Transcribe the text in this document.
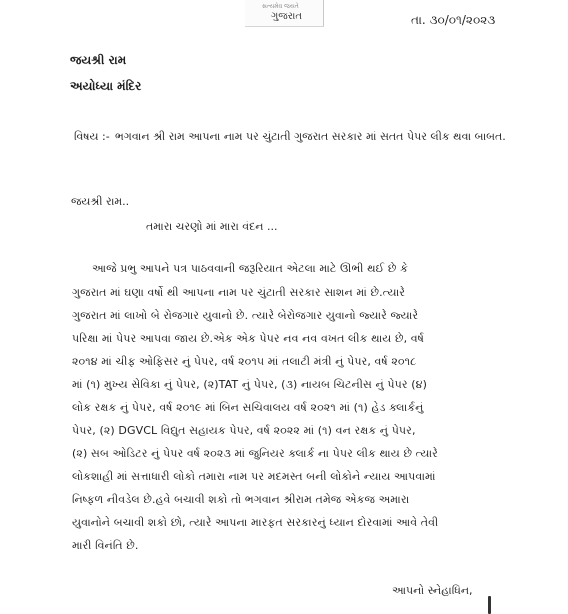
સત્યમેવ જયતે
ગુજરાત	તા. ૩૦/૦૧/૨૦૨૩
જયશ્રી રામ
અયોધ્યા મંદિર
વિષય :- ભગવાન શ્રી રામ આપના નામ પર ચુંટાતી ગુજરાત સરકાર માં સતત પેપર લીક થવા બાબત.
જયશ્રી રામ..
તમારા ચરણો માં મારા વંદન ...
આજે પ્રભુ આપને પત્ર પાઠવવાની જરૂરિયાત એટલા માટે ઊભી થઈ છે કે
ગુજરાત માં ઘણા વર્ષો થી આપના નામ પર ચુંટાતી સરકાર સાશન માં છે.ત્યારે
ગુજરાત માં લાખો બે રોજગાર યુવાનો છે. ત્યારે બેરોજગાર યુવાનો જ્યારે જ્યારે
પરિક્ષા માં પેપર આપવા જાય છે.એક એક પેપર નવ નવ વખત લીક થાય છે, વર્ષ
૨૦૧૪ માં ચીફ ઓફિસર નું પેપર, વર્ષ ૨૦૧૫ માં તલાટી મંત્રી નું પેપર, વર્ષ ૨૦૧૮
માં (૧) મુખ્ય સેવિકા નું પેપર, (૨)TAT નું પેપર, (૩) નાયબ ચિટનીસ નું પેપર (૪)
લોક રક્ષક નું પેપર, વર્ષ ૨૦૧૯ માં બિન સચિવાલય વર્ષ ૨૦૨૧ માં (૧) હેડ ક્લાર્કનું
પેપર, (૨) DGVCL વિદ્યુત સહાયક પેપર, વર્ષ ૨૦૨૨ માં (૧) વન રક્ષક નું પેપર,
(૨) સબ ઓડિટર નું પેપર વર્ષ ૨૦૨૩ માં જુનિયર ક્લાર્ક ના પેપર લીક થાય છે ત્યારે
લોકશાહી માં સત્તાધારી લોકો તમારા નામ પર મદમસ્ત બની લોકોને ન્યાય આપવામાં
નિષ્ફળ નીવડેલ છે.હવે બચાવી શકો તો ભગવાન શ્રીરામ તમેજ એકજ અમારા
યુવાનોને બચાવી શકો છો, ત્યારે આપના મારફત સરકારનું ધ્યાન દોરવામાં આવે તેવી
મારી વિનંતિ છે.
આપનો સ્નેહાધિન,
